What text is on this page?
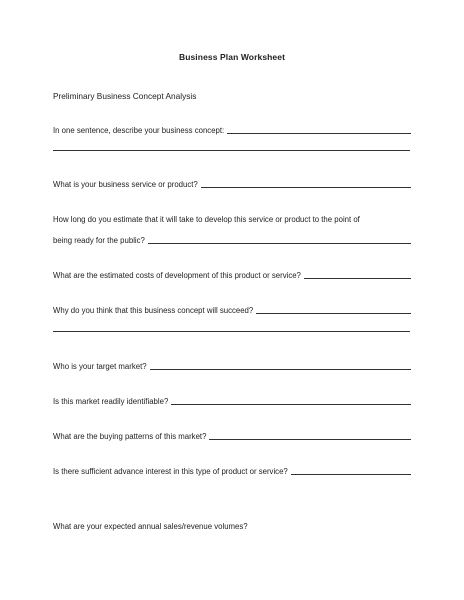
Business Plan Worksheet
Preliminary Business Concept Analysis
In one sentence, describe your business concept:
What is your business service or product?
How long do you estimate that it will take to develop this service or product to the point of
being ready for the public?
What are the estimated costs of development of this product or service?
Why do you think that this business concept will succeed?
Who is your target market?
Is this market readily identifiable?
What are the buying patterns of this market?
Is there sufficient advance interest in this type of product or service?
What are your expected annual sales/revenue volumes?
